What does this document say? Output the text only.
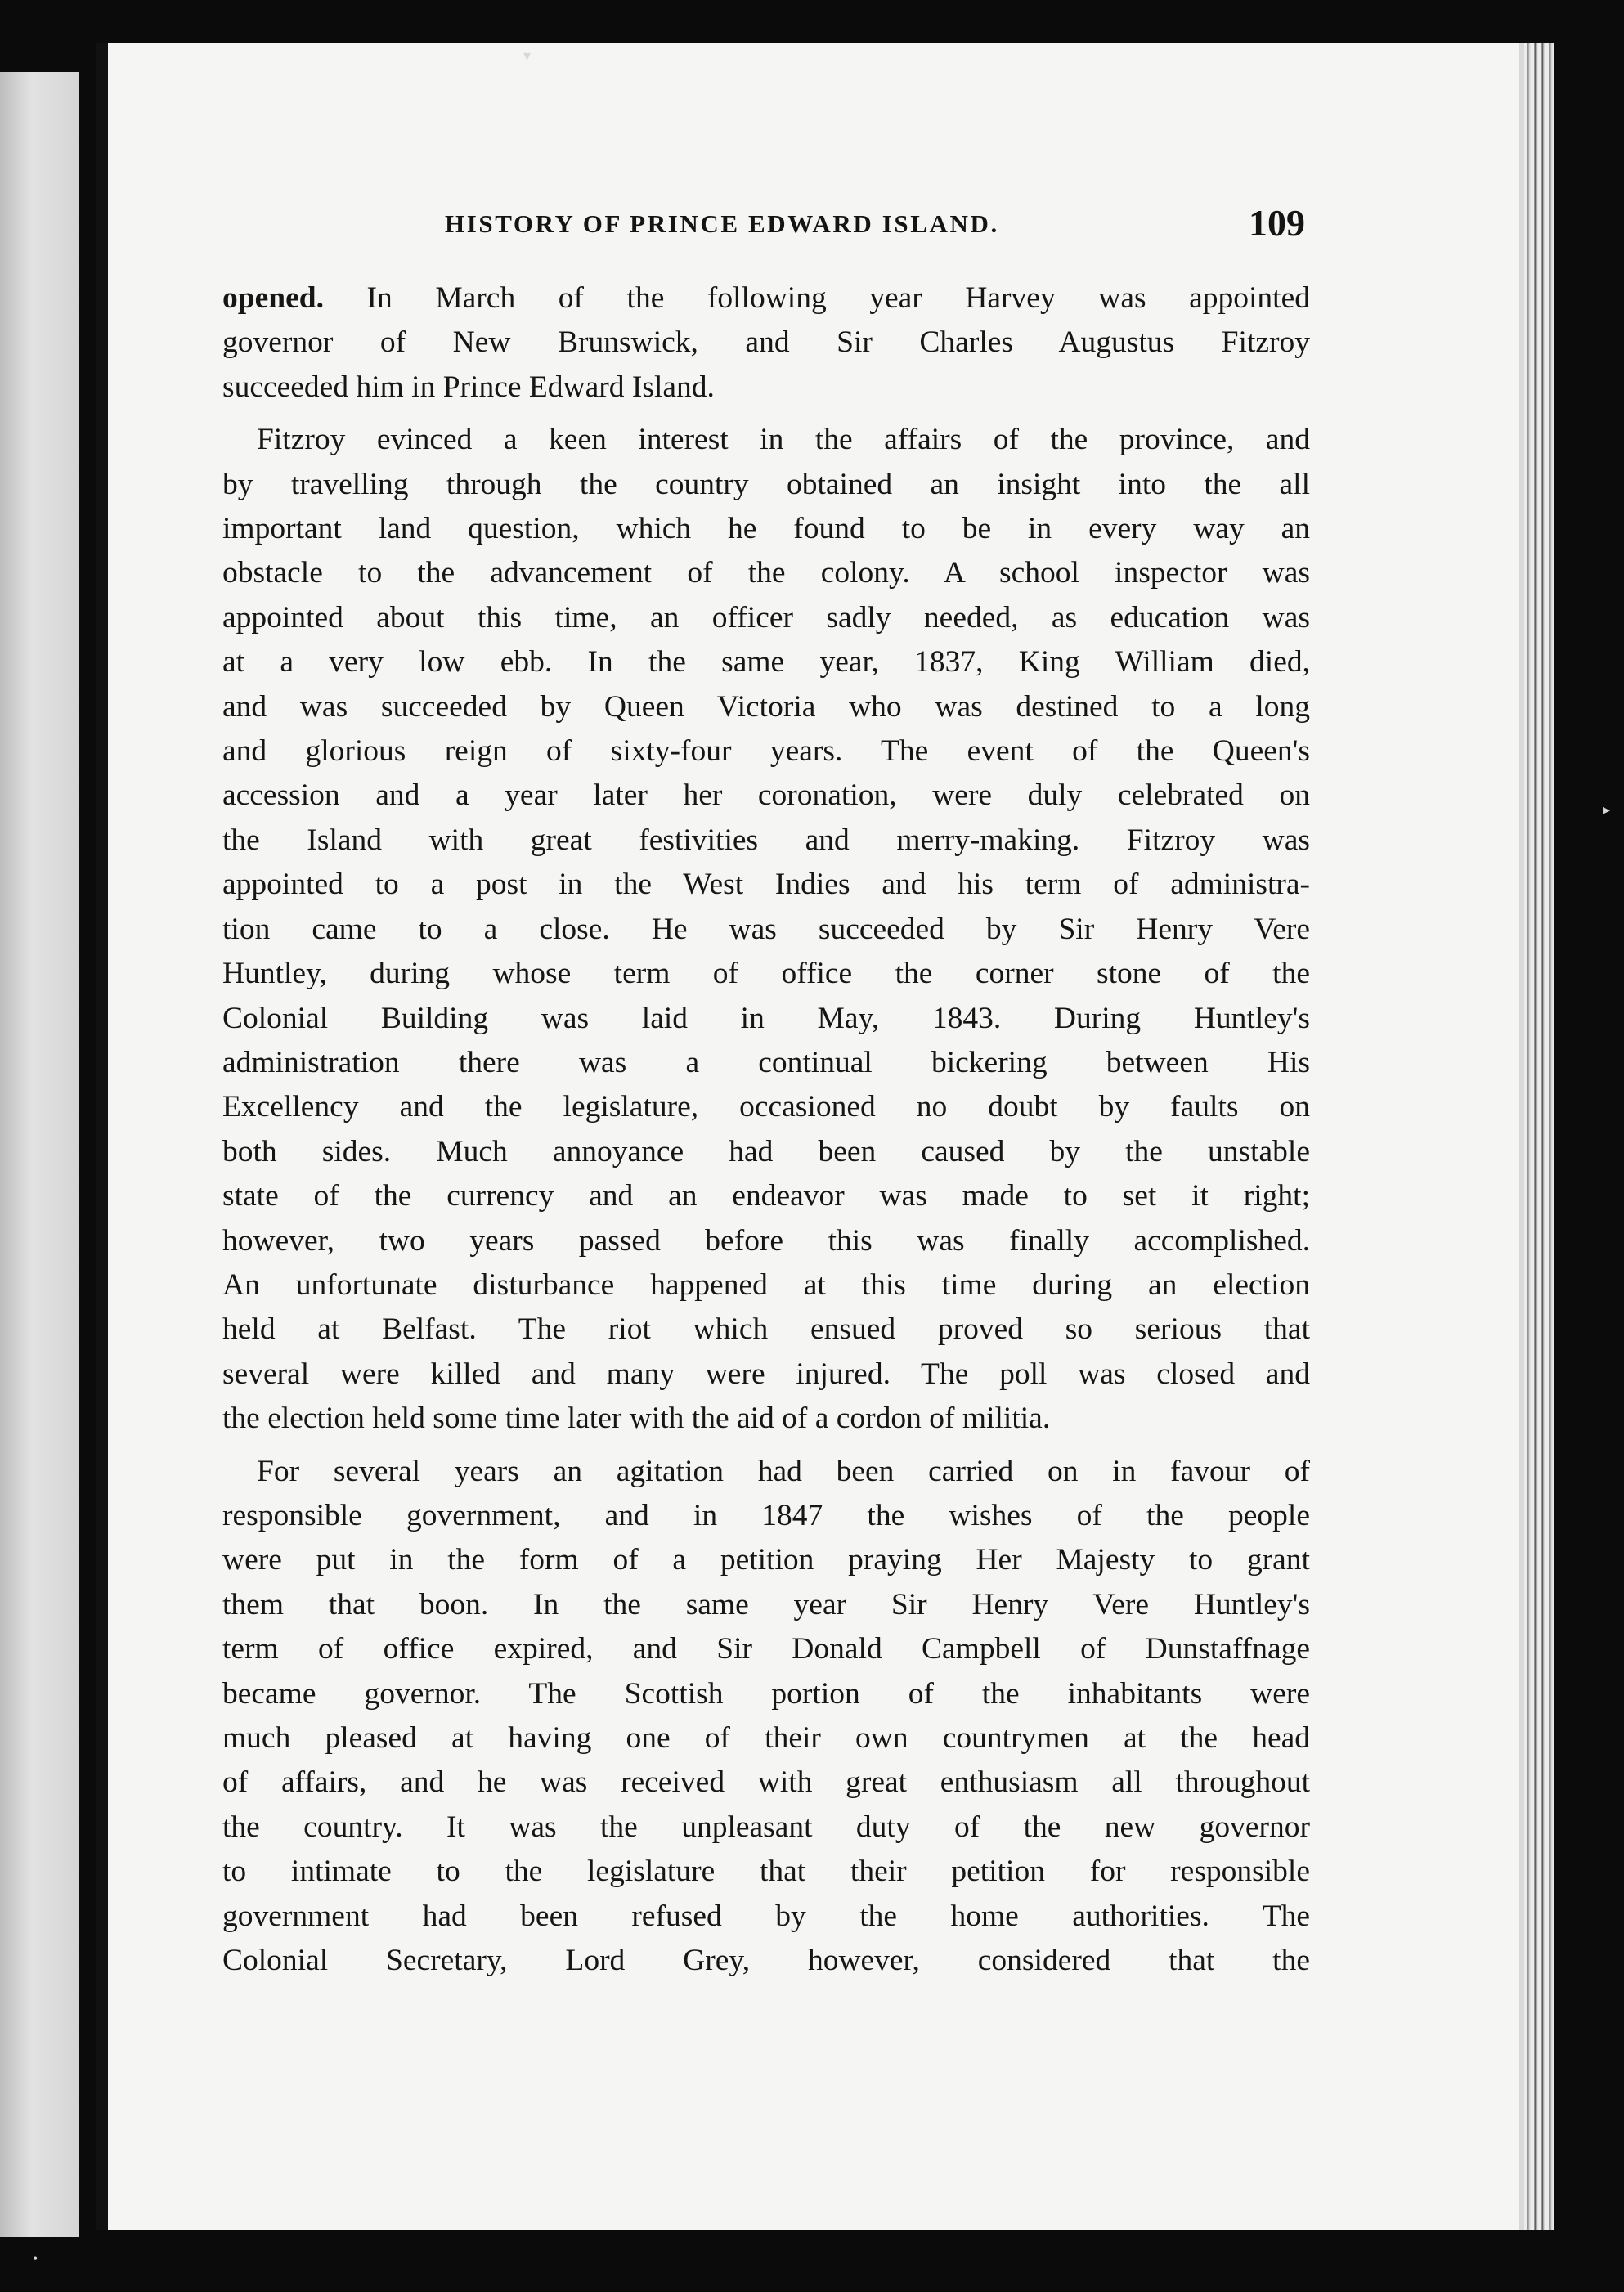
▾
▸
•
HISTORY OF PRINCE EDWARD ISLAND.	109

opened. In March of the following year Harvey was appointed
governor of New Brunswick, and Sir Charles Augustus Fitzroy
succeeded him in Prince Edward Island.

Fitzroy evinced a keen interest in the affairs of the province, and
by travelling through the country obtained an insight into the all
important land question, which he found to be in every way an
obstacle to the advancement of the colony. A school inspector was
appointed about this time, an officer sadly needed, as education was
at a very low ebb. In the same year, 1837, King William died,
and was succeeded by Queen Victoria who was destined to a long
and glorious reign of sixty-four years. The event of the Queen's
accession and a year later her coronation, were duly celebrated on
the Island with great festivities and merry-making. Fitzroy was
appointed to a post in the West Indies and his term of administra-
tion came to a close. He was succeeded by Sir Henry Vere
Huntley, during whose term of office the corner stone of the
Colonial Building was laid in May, 1843. During Huntley's
administration there was a continual bickering between His
Excellency and the legislature, occasioned no doubt by faults on
both sides. Much annoyance had been caused by the unstable
state of the currency and an endeavor was made to set it right;
however, two years passed before this was finally accomplished.
An unfortunate disturbance happened at this time during an election
held at Belfast. The riot which ensued proved so serious that
several were killed and many were injured. The poll was closed and
the election held some time later with the aid of a cordon of militia.

For several years an agitation had been carried on in favour of
responsible government, and in 1847 the wishes of the people
were put in the form of a petition praying Her Majesty to grant
them that boon. In the same year Sir Henry Vere Huntley's
term of office expired, and Sir Donald Campbell of Dunstaffnage
became governor. The Scottish portion of the inhabitants were
much pleased at having one of their own countrymen at the head
of affairs, and he was received with great enthusiasm all throughout
the country. It was the unpleasant duty of the new governor
to intimate to the legislature that their petition for responsible
government had been refused by the home authorities. The
Colonial Secretary, Lord Grey, however, considered that the
